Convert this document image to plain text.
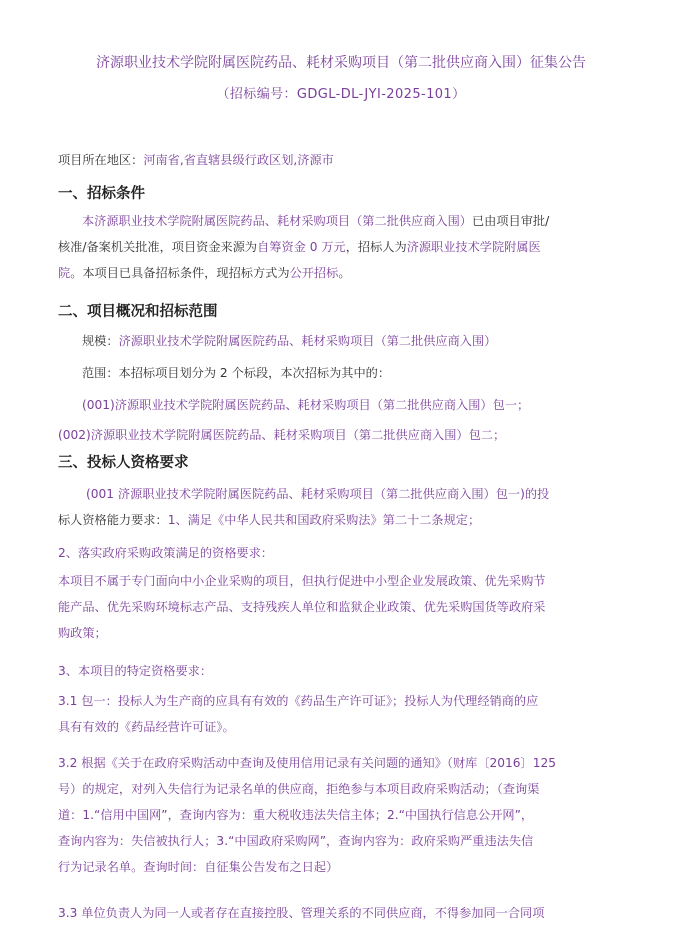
济源职业技术学院附属医院药品、耗材采购项目（第二批供应商入围）征集公告
（招标编号：GDGL-DL-JYI-2025-101）

项目所在地区：河南省,省直辖县级行政区划,济源市

一、招标条件
本济源职业技术学院附属医院药品、耗材采购项目（第二批供应商入围）已由项目审批/
核准/备案机关批准，项目资金来源为自筹资金 0 万元，招标人为济源职业技术学院附属医
院。本项目已具备招标条件，现招标方式为公开招标。
二、项目概况和招标范围

规模：济源职业技术学院附属医院药品、耗材采购项目（第二批供应商入围）

范围：本招标项目划分为 2 个标段，本次招标为其中的：

(001)济源职业技术学院附属医院药品、耗材采购项目（第二批供应商入围）包一；

(002)济源职业技术学院附属医院药品、耗材采购项目（第二批供应商入围）包二；

三、投标人资格要求
(001 济源职业技术学院附属医院药品、耗材采购项目（第二批供应商入围）包一)的投
标人资格能力要求：1、满足《中华人民共和国政府采购法》第二十二条规定；

2、落实政府采购政策满足的资格要求：

本项目不属于专门面向中小企业采购的项目，但执行促进中小型企业发展政策、优先采购节
能产品、优先采购环境标志产品、支持残疾人单位和监狱企业政策、优先采购国货等政府采
购政策；

3、本项目的特定资格要求：

3.1 包一：投标人为生产商的应具有有效的《药品生产许可证》；投标人为代理经销商的应
具有有效的《药品经营许可证》。
3.2 根据《关于在政府采购活动中查询及使用信用记录有关问题的通知》（财库〔2016〕125
号）的规定，对列入失信行为记录名单的供应商，拒绝参与本项目政府采购活动；（查询渠
道：1.“信用中国网”，查询内容为：重大税收违法失信主体；2.“中国执行信息公开网”，
查询内容为：失信被执行人；3.“中国政府采购网”，查询内容为：政府采购严重违法失信
行为记录名单。查询时间：自征集公告发布之日起）

3.3 单位负责人为同一人或者存在直接控股、管理关系的不同供应商，不得参加同一合同项
